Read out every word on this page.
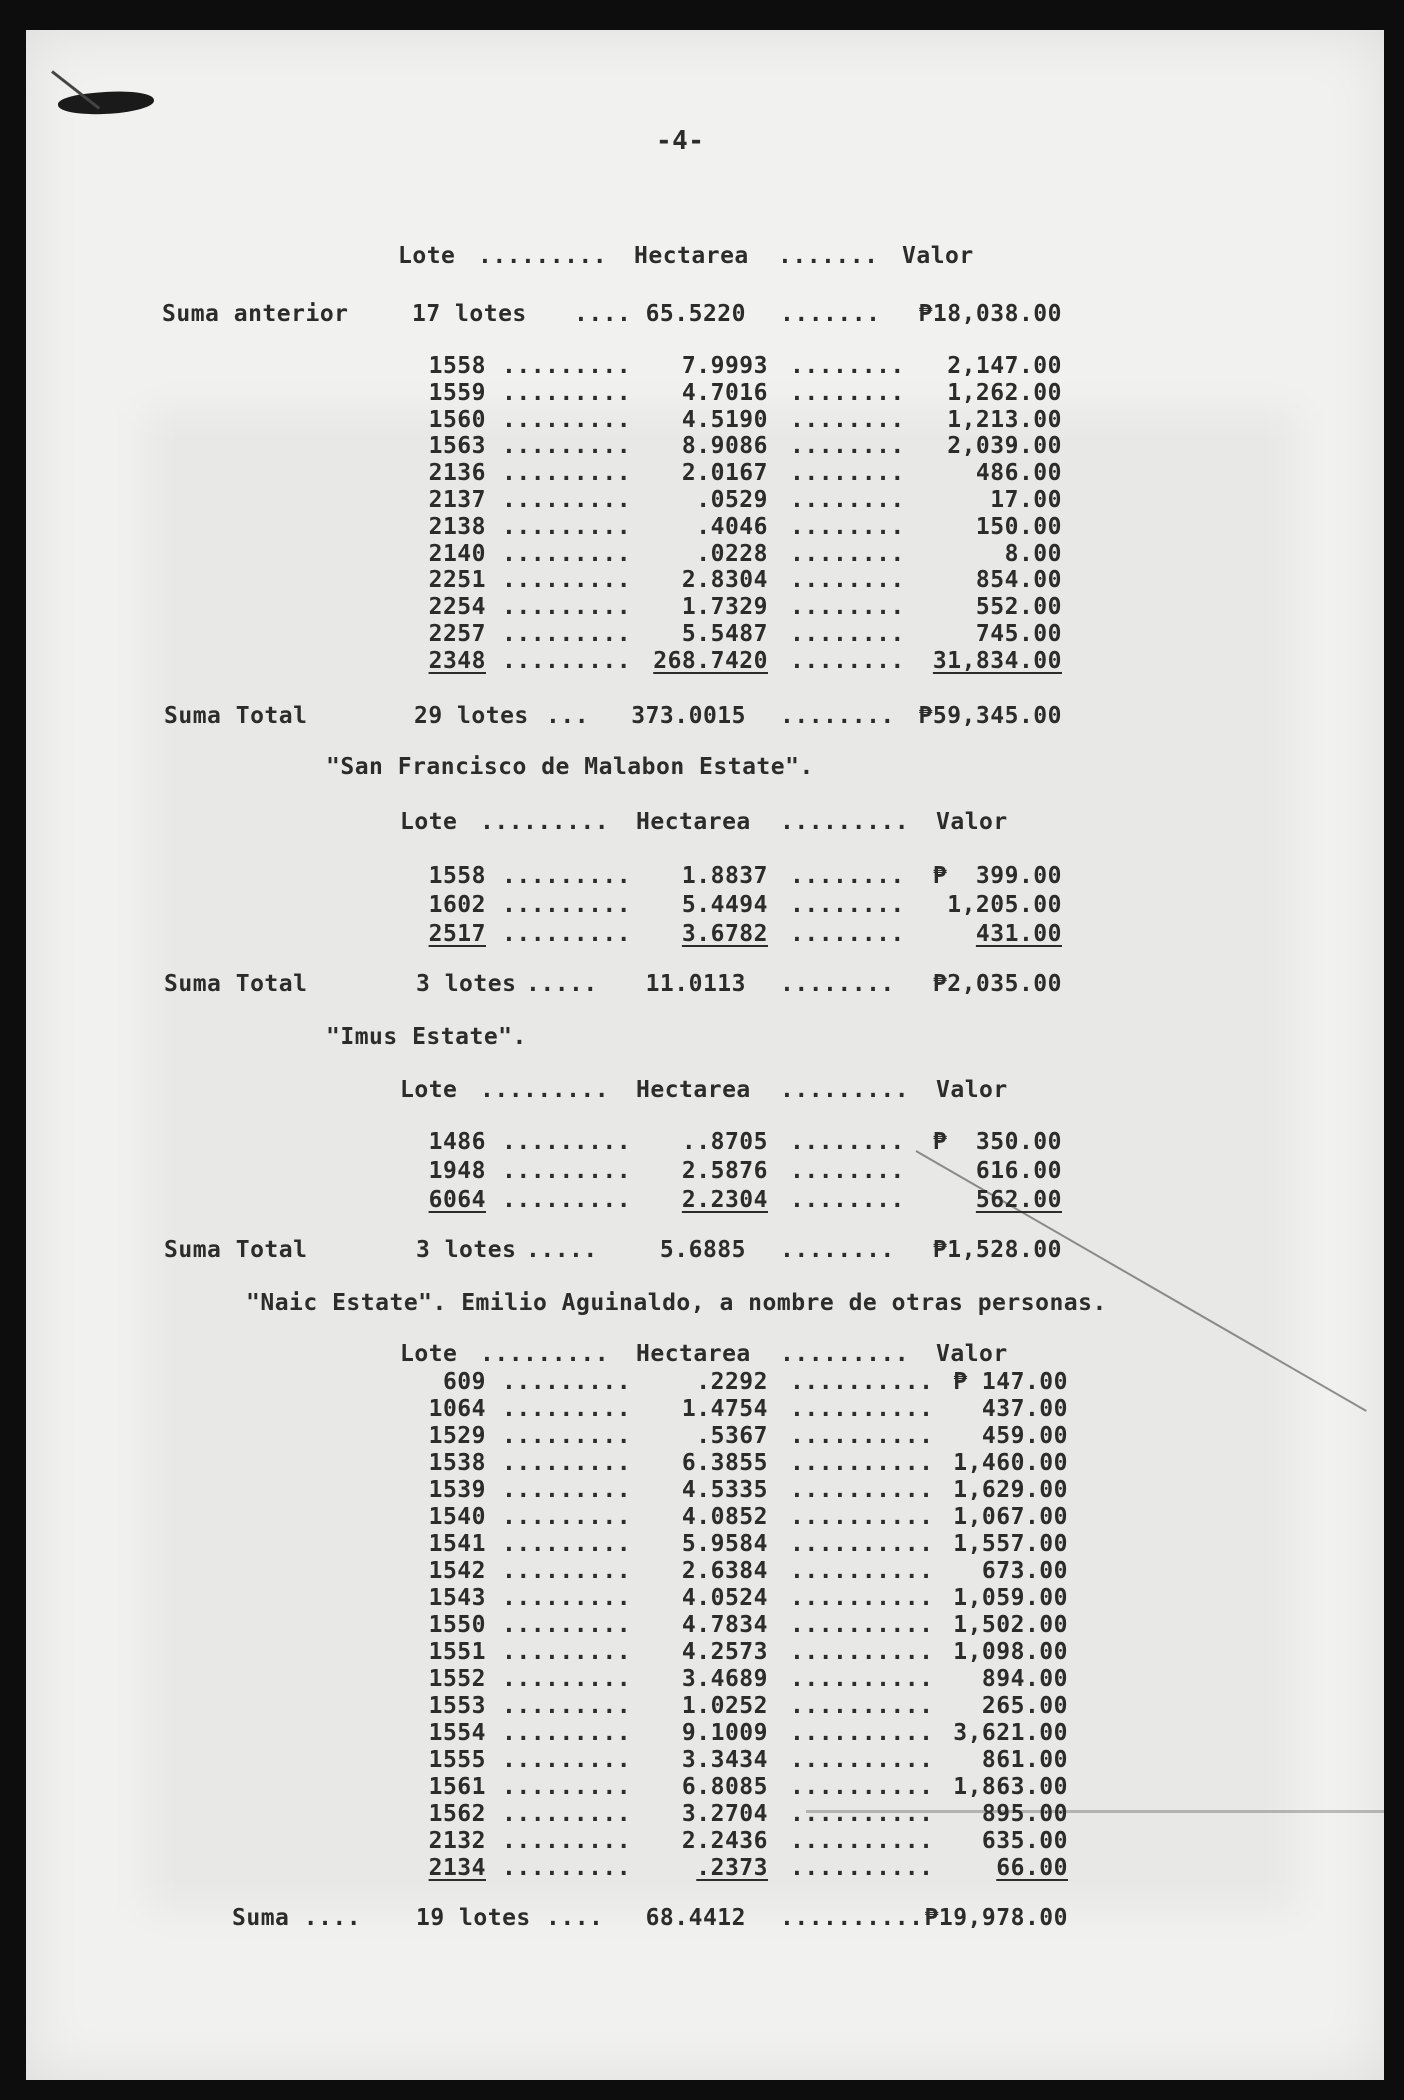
-4-
Lote ......... Hectarea ....... Valor
Suma anterior	17 lotes .... 65.5220 .......	₱18,038.00
1558 .........	7.9993 ........	2,147.00
1559 .........	4.7016 ........	1,262.00
1560 .........	4.5190 ........	1,213.00
1563 .........	8.9086 ........	2,039.00
2136 .........	2.0167 ........	486.00
2137 .........	.0529 ........	17.00
2138 .........	.4046 ........	150.00
2140 .........	.0228 ........	8.00
2251 .........	2.8304 ........	854.00
2254 .........	1.7329 ........	552.00
2257 .........	5.5487 ........	745.00
2348 ......... 268.7420 ........	31,834.00
Suma Total	29 lotes ...	373.0015 ........	₱59,345.00
"San Francisco de Malabon Estate".
Lote ......... Hectarea ......... Valor
1558 .........	1.8837 ........	₱  399.00
1602 .........	5.4494 ........	1,205.00
2517 .........	3.6782 ........	431.00
Suma Total	3 lotes .....	11.0113 ........	₱2,035.00
"Imus Estate".
Lote ......... Hectarea ......... Valor
1486 .........	..8705 ........	₱  350.00
1948 .........	2.5876 ........	616.00
6064 .........	2.2304 ........	562.00
Suma Total	3 lotes .....	5.6885 ........	₱1,528.00
"Naic Estate". Emilio Aguinaldo, a nombre de otras personas.
Lote ......... Hectarea ......... Valor
609 .........	.2292 .......... ₱ 147.00
1064 .........	1.4754 ..........	437.00
1529 .........	.5367 ..........	459.00
1538 .........	6.3855 .......... 1,460.00
1539 .........	4.5335 .......... 1,629.00
1540 .........	4.0852 .......... 1,067.00
1541 .........	5.9584 .......... 1,557.00
1542 .........	2.6384 ..........	673.00
1543 .........	4.0524 .......... 1,059.00
1550 .........	4.7834 .......... 1,502.00
1551 .........	4.2573 .......... 1,098.00
1552 .........	3.4689 ..........	894.00
1553 .........	1.0252 ..........	265.00
1554 .........	9.1009 .......... 3,621.00
1555 .........	3.3434 ..........	861.00
1561 .........	6.8085 .......... 1,863.00
1562 .........	3.2704 ..........	895.00
2132 .........	2.2436 ..........	635.00
2134 .........	.2373 ..........	66.00
Suma .... 19 lotes ....	68.4412 .......... ₱19,978.00
